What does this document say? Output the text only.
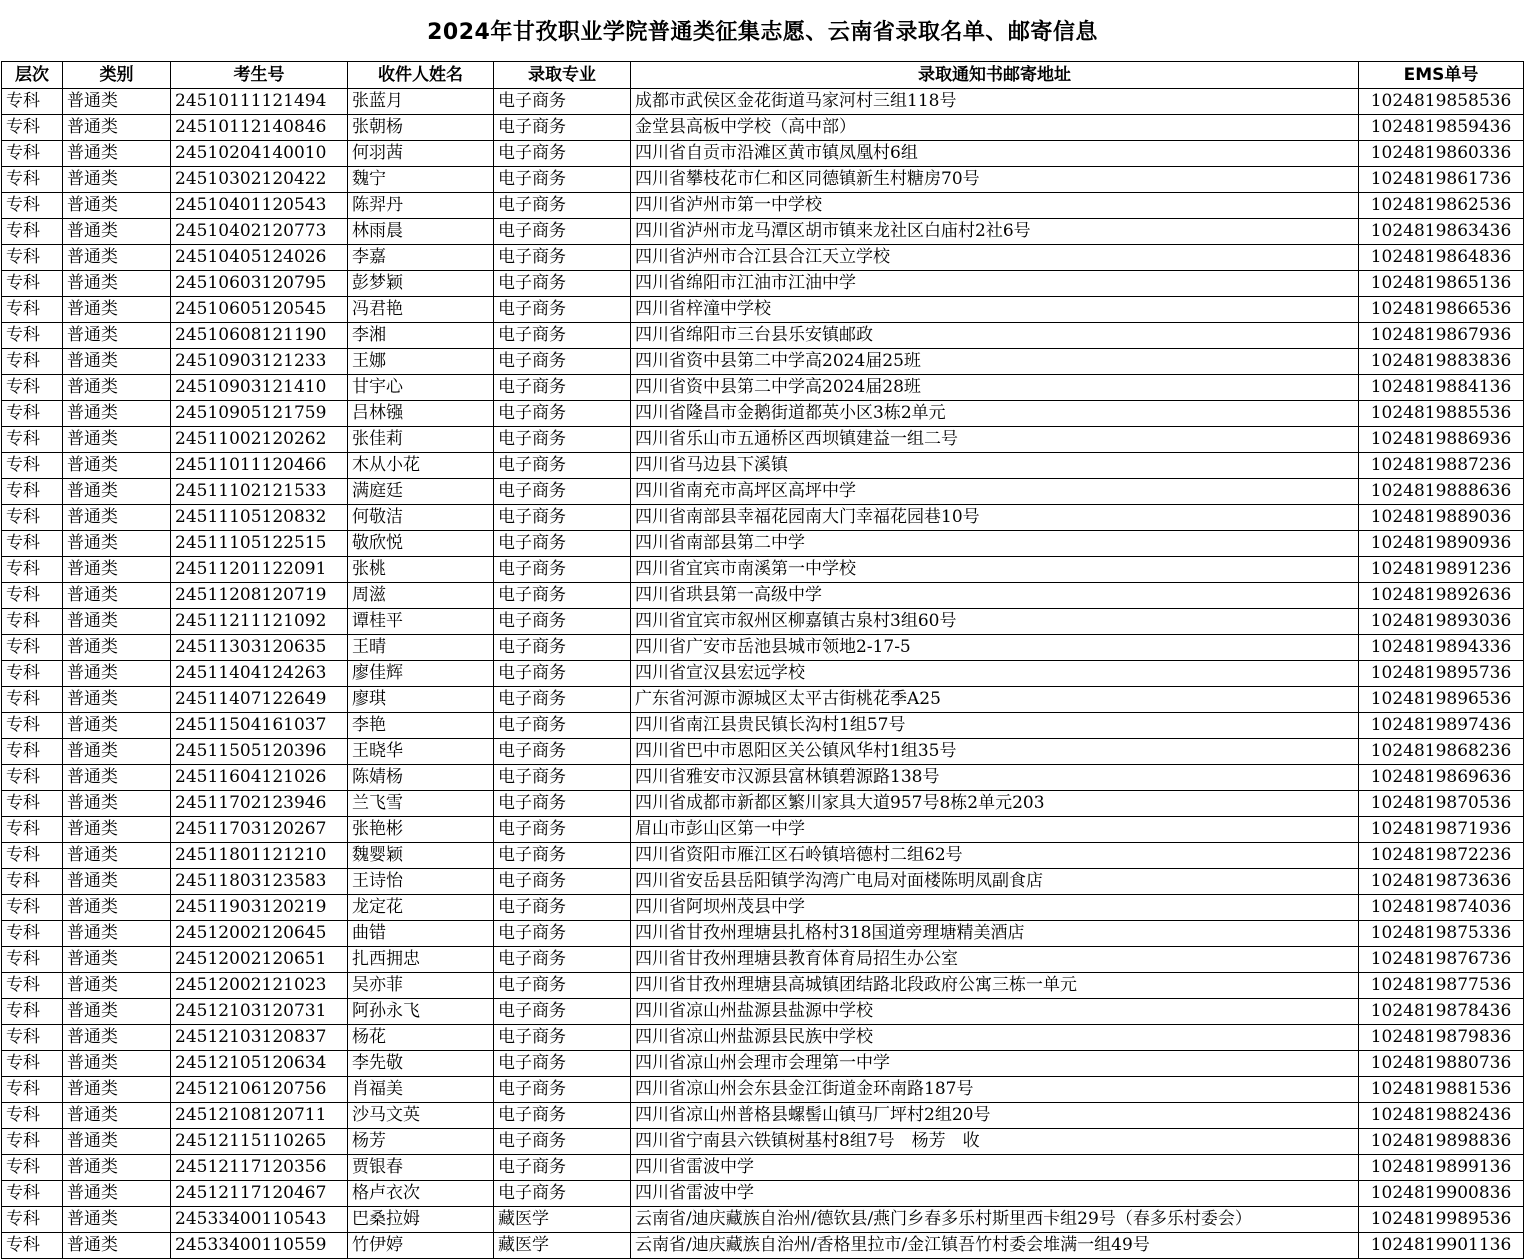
2024年甘孜职业学院普通类征集志愿、云南省录取名单、邮寄信息
层次	类别	考生号	收件人姓名	录取专业	录取通知书邮寄地址	EMS单号
专科	普通类	24510111121494	张蓝月	电子商务	成都市武侯区金花街道马家河村三组118号	1024819858536
专科	普通类	24510112140846	张朝杨	电子商务	金堂县高板中学校（高中部）	1024819859436
专科	普通类	24510204140010	何羽茜	电子商务	四川省自贡市沿滩区黄市镇凤凰村6组	1024819860336
专科	普通类	24510302120422	魏宁	电子商务	四川省攀枝花市仁和区同德镇新生村糖房70号	1024819861736
专科	普通类	24510401120543	陈羿丹	电子商务	四川省泸州市第一中学校	1024819862536
专科	普通类	24510402120773	林雨晨	电子商务	四川省泸州市龙马潭区胡市镇来龙社区白庙村2社6号	1024819863436
专科	普通类	24510405124026	李嘉	电子商务	四川省泸州市合江县合江天立学校	1024819864836
专科	普通类	24510603120795	彭梦颖	电子商务	四川省绵阳市江油市江油中学	1024819865136
专科	普通类	24510605120545	冯君艳	电子商务	四川省梓潼中学校	1024819866536
专科	普通类	24510608121190	李湘	电子商务	四川省绵阳市三台县乐安镇邮政	1024819867936
专科	普通类	24510903121233	王娜	电子商务	四川省资中县第二中学高2024届25班	1024819883836
专科	普通类	24510903121410	甘宇心	电子商务	四川省资中县第二中学高2024届28班	1024819884136
专科	普通类	24510905121759	吕林镪	电子商务	四川省隆昌市金鹅街道都英小区3栋2单元	1024819885536
专科	普通类	24511002120262	张佳莉	电子商务	四川省乐山市五通桥区西坝镇建益一组二号	1024819886936
专科	普通类	24511011120466	木从小花	电子商务	四川省马边县下溪镇	1024819887236
专科	普通类	24511102121533	满庭廷	电子商务	四川省南充市高坪区高坪中学	1024819888636
专科	普通类	24511105120832	何敬洁	电子商务	四川省南部县幸福花园南大门幸福花园巷10号	1024819889036
专科	普通类	24511105122515	敬欣悦	电子商务	四川省南部县第二中学	1024819890936
专科	普通类	24511201122091	张桃	电子商务	四川省宜宾市南溪第一中学校	1024819891236
专科	普通类	24511208120719	周滋	电子商务	四川省珙县第一高级中学	1024819892636
专科	普通类	24511211121092	谭桂平	电子商务	四川省宜宾市叙州区柳嘉镇古泉村3组60号	1024819893036
专科	普通类	24511303120635	王晴	电子商务	四川省广安市岳池县城市领地2-17-5	1024819894336
专科	普通类	24511404124263	廖佳辉	电子商务	四川省宣汉县宏远学校	1024819895736
专科	普通类	24511407122649	廖琪	电子商务	广东省河源市源城区太平古街桃花季A25	1024819896536
专科	普通类	24511504161037	李艳	电子商务	四川省南江县贵民镇长沟村1组57号	1024819897436
专科	普通类	24511505120396	王晓华	电子商务	四川省巴中市恩阳区关公镇风华村1组35号	1024819868236
专科	普通类	24511604121026	陈婧杨	电子商务	四川省雅安市汉源县富林镇碧源路138号	1024819869636
专科	普通类	24511702123946	兰飞雪	电子商务	四川省成都市新都区繁川家具大道957号8栋2单元203	1024819870536
专科	普通类	24511703120267	张艳彬	电子商务	眉山市彭山区第一中学	1024819871936
专科	普通类	24511801121210	魏婴颖	电子商务	四川省资阳市雁江区石岭镇培德村二组62号	1024819872236
专科	普通类	24511803123583	王诗怡	电子商务	四川省安岳县岳阳镇学沟湾广电局对面楼陈明凤副食店	1024819873636
专科	普通类	24511903120219	龙定花	电子商务	四川省阿坝州茂县中学	1024819874036
专科	普通类	24512002120645	曲错	电子商务	四川省甘孜州理塘县扎格村318国道旁理塘精美酒店	1024819875336
专科	普通类	24512002120651	扎西拥忠	电子商务	四川省甘孜州理塘县教育体育局招生办公室	1024819876736
专科	普通类	24512002121023	吴亦菲	电子商务	四川省甘孜州理塘县高城镇团结路北段政府公寓三栋一单元	1024819877536
专科	普通类	24512103120731	阿孙永飞	电子商务	四川省凉山州盐源县盐源中学校	1024819878436
专科	普通类	24512103120837	杨花	电子商务	四川省凉山州盐源县民族中学校	1024819879836
专科	普通类	24512105120634	李先敬	电子商务	四川省凉山州会理市会理第一中学	1024819880736
专科	普通类	24512106120756	肖福美	电子商务	四川省凉山州会东县金江街道金环南路187号	1024819881536
专科	普通类	24512108120711	沙马文英	电子商务	四川省凉山州普格县螺髻山镇马厂坪村2组20号	1024819882436
专科	普通类	24512115110265	杨芳	电子商务	四川省宁南县六铁镇树基村8组7号　杨芳　收	1024819898836
专科	普通类	24512117120356	贾银春	电子商务	四川省雷波中学	1024819899136
专科	普通类	24512117120467	格卢衣次	电子商务	四川省雷波中学	1024819900836
专科	普通类	24533400110543	巴桑拉姆	藏医学	云南省/迪庆藏族自治州/德钦县/燕门乡春多乐村斯里西卡组29号（春多乐村委会）	1024819989536
专科	普通类	24533400110559	竹伊婷	藏医学	云南省/迪庆藏族自治州/香格里拉市/金江镇吾竹村委会堆满一组49号	1024819901136
